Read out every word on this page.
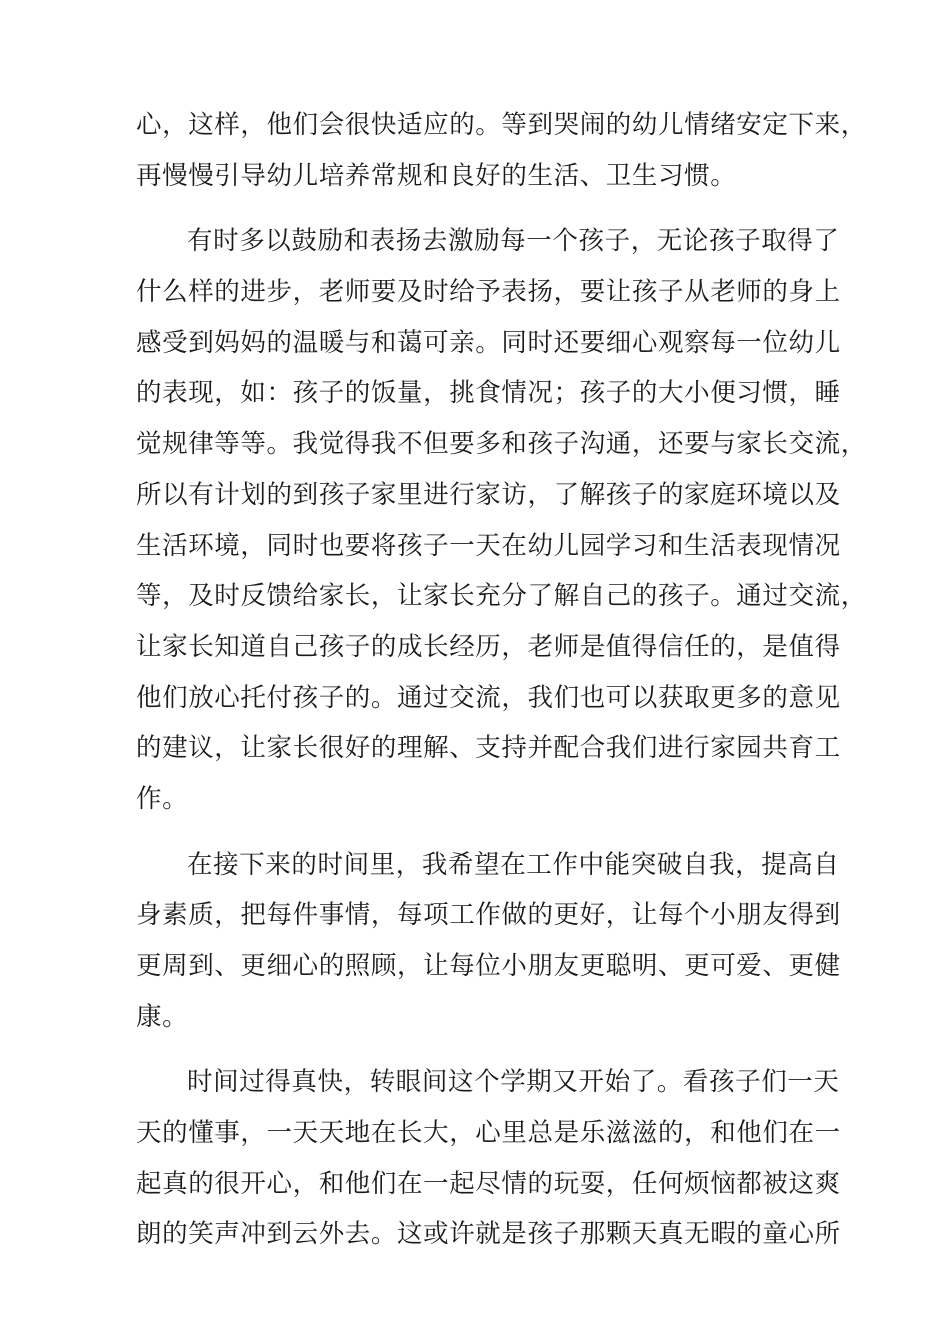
心，这样，他们会很快适应的。等到哭闹的幼儿情绪安定下来，
再慢慢引导幼儿培养常规和良好的生活、卫生习惯。
有时多以鼓励和表扬去激励每一个孩子，无论孩子取得了
什么样的进步，老师要及时给予表扬，要让孩子从老师的身上
感受到妈妈的温暖与和蔼可亲。同时还要细心观察每一位幼儿
的表现，如：孩子的饭量，挑食情况；孩子的大小便习惯，睡
觉规律等等。我觉得我不但要多和孩子沟通，还要与家长交流，
所以有计划的到孩子家里进行家访，了解孩子的家庭环境以及
生活环境，同时也要将孩子一天在幼儿园学习和生活表现情况
等，及时反馈给家长，让家长充分了解自己的孩子。通过交流，
让家长知道自己孩子的成长经历，老师是值得信任的，是值得
他们放心托付孩子的。通过交流，我们也可以获取更多的意见
的建议，让家长很好的理解、支持并配合我们进行家园共育工
作。
在接下来的时间里，我希望在工作中能突破自我，提高自
身素质，把每件事情，每项工作做的更好，让每个小朋友得到
更周到、更细心的照顾，让每位小朋友更聪明、更可爱、更健
康。
时间过得真快，转眼间这个学期又开始了。看孩子们一天
天的懂事，一天天地在长大，心里总是乐滋滋的，和他们在一
起真的很开心，和他们在一起尽情的玩耍，任何烦恼都被这爽
朗的笑声冲到云外去。这或许就是孩子那颗天真无暇的童心所
